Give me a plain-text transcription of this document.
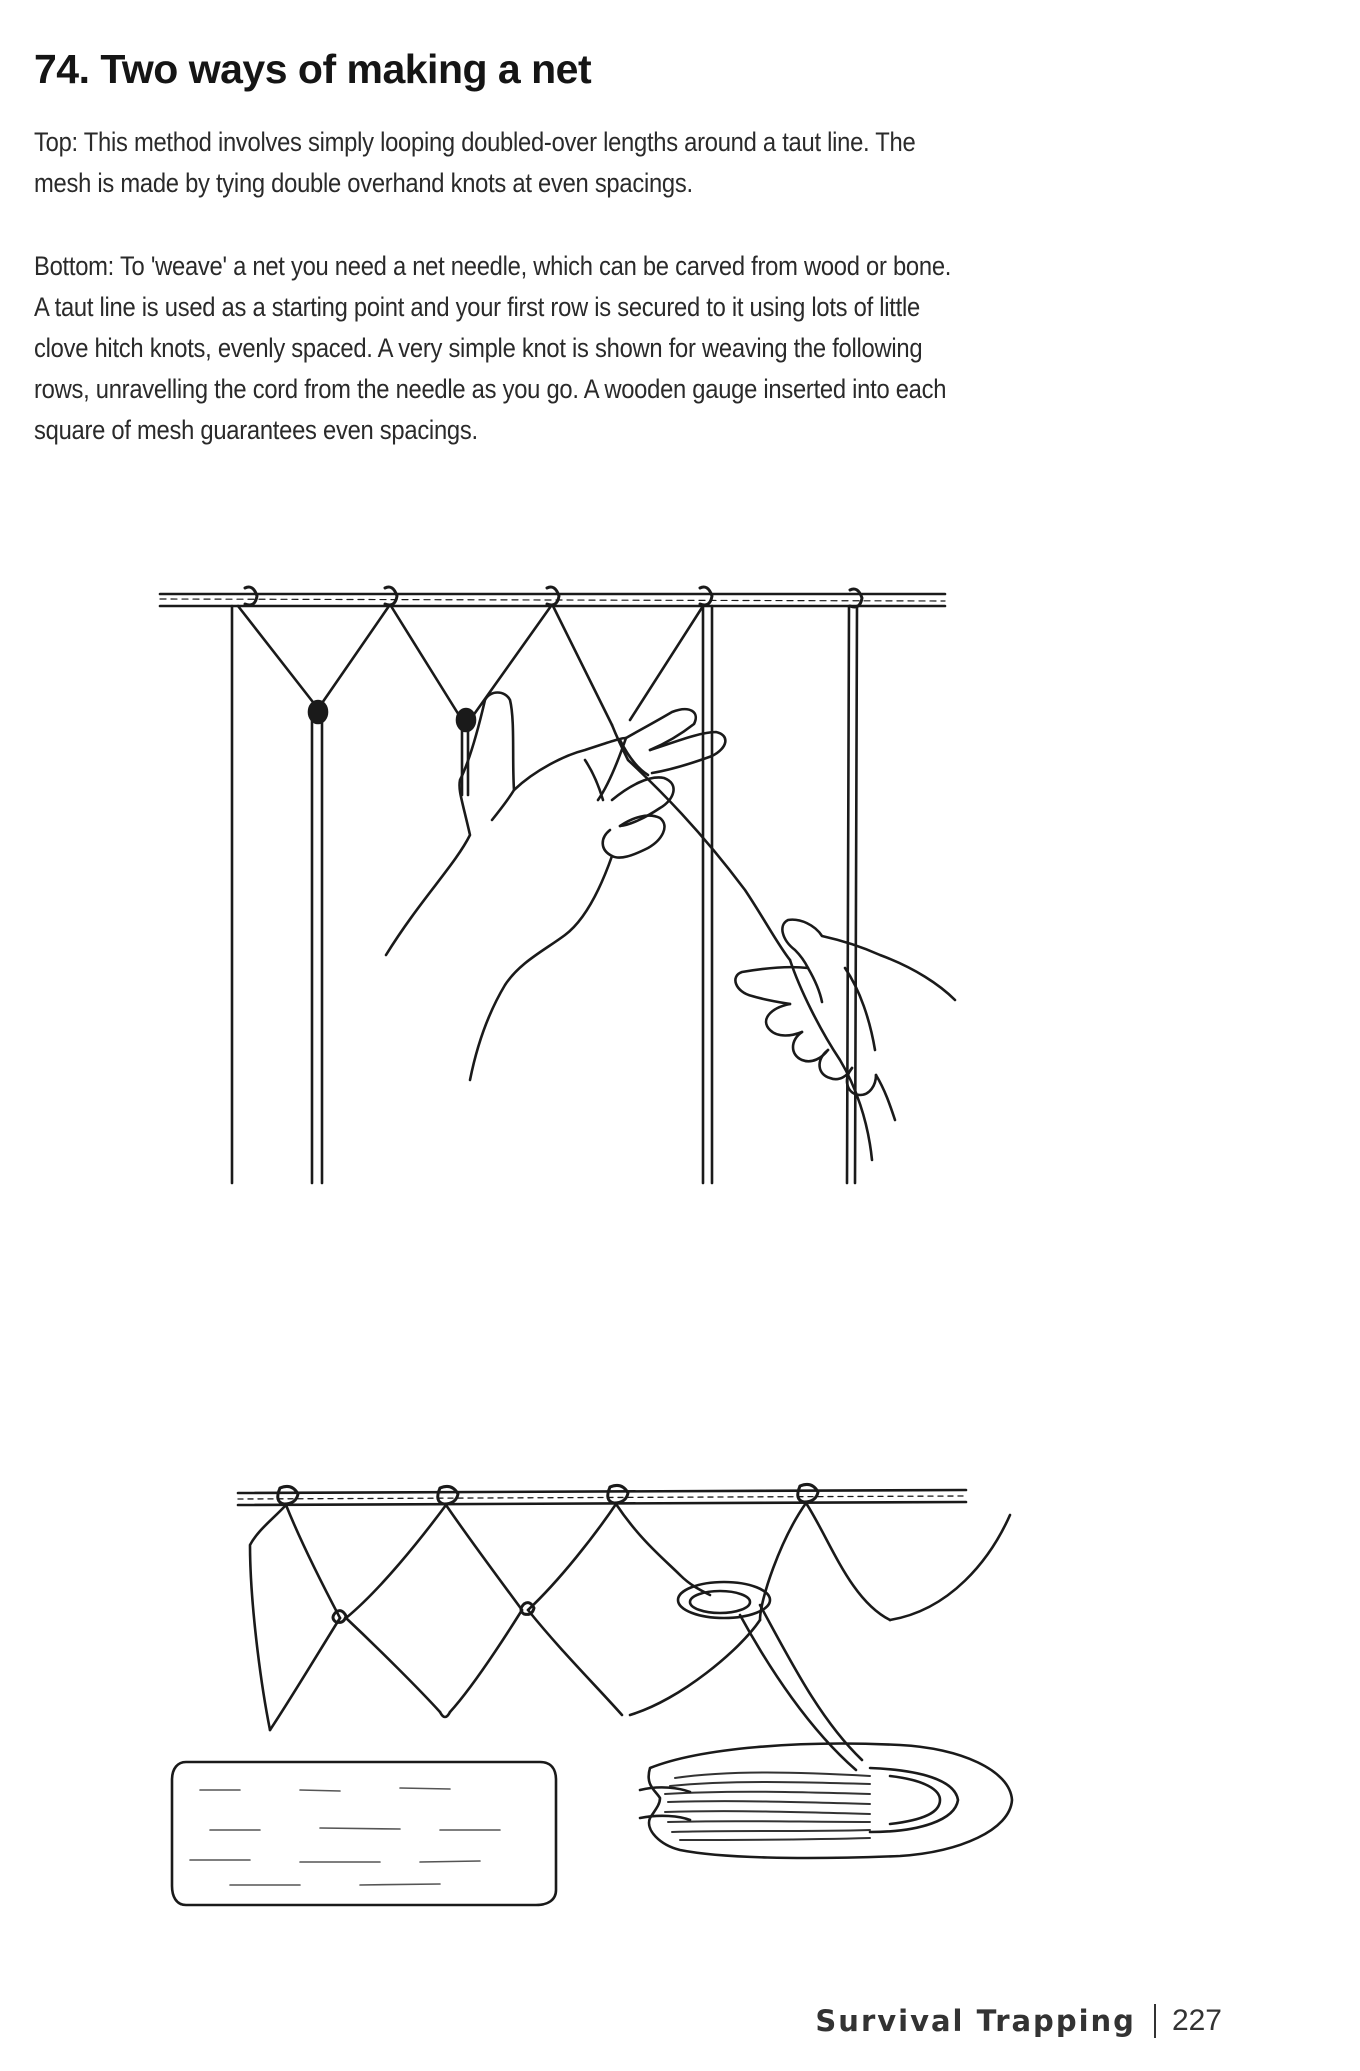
74. Two ways of making a net

Top: This method involves simply looping doubled-over lengths around a taut line. The mesh is made by tying double overhand knots at even spacings.

Bottom: To 'weave' a net you need a net needle, which can be carved from wood or bone. A taut line is used as a starting point and your first row is secured to it using lots of little clove hitch knots, evenly spaced. A very simple knot is shown for weaving the following rows, unravelling the cord from the needle as you go. A wooden gauge inserted into each square of mesh guarantees even spacings.

Survival Trapping 227
